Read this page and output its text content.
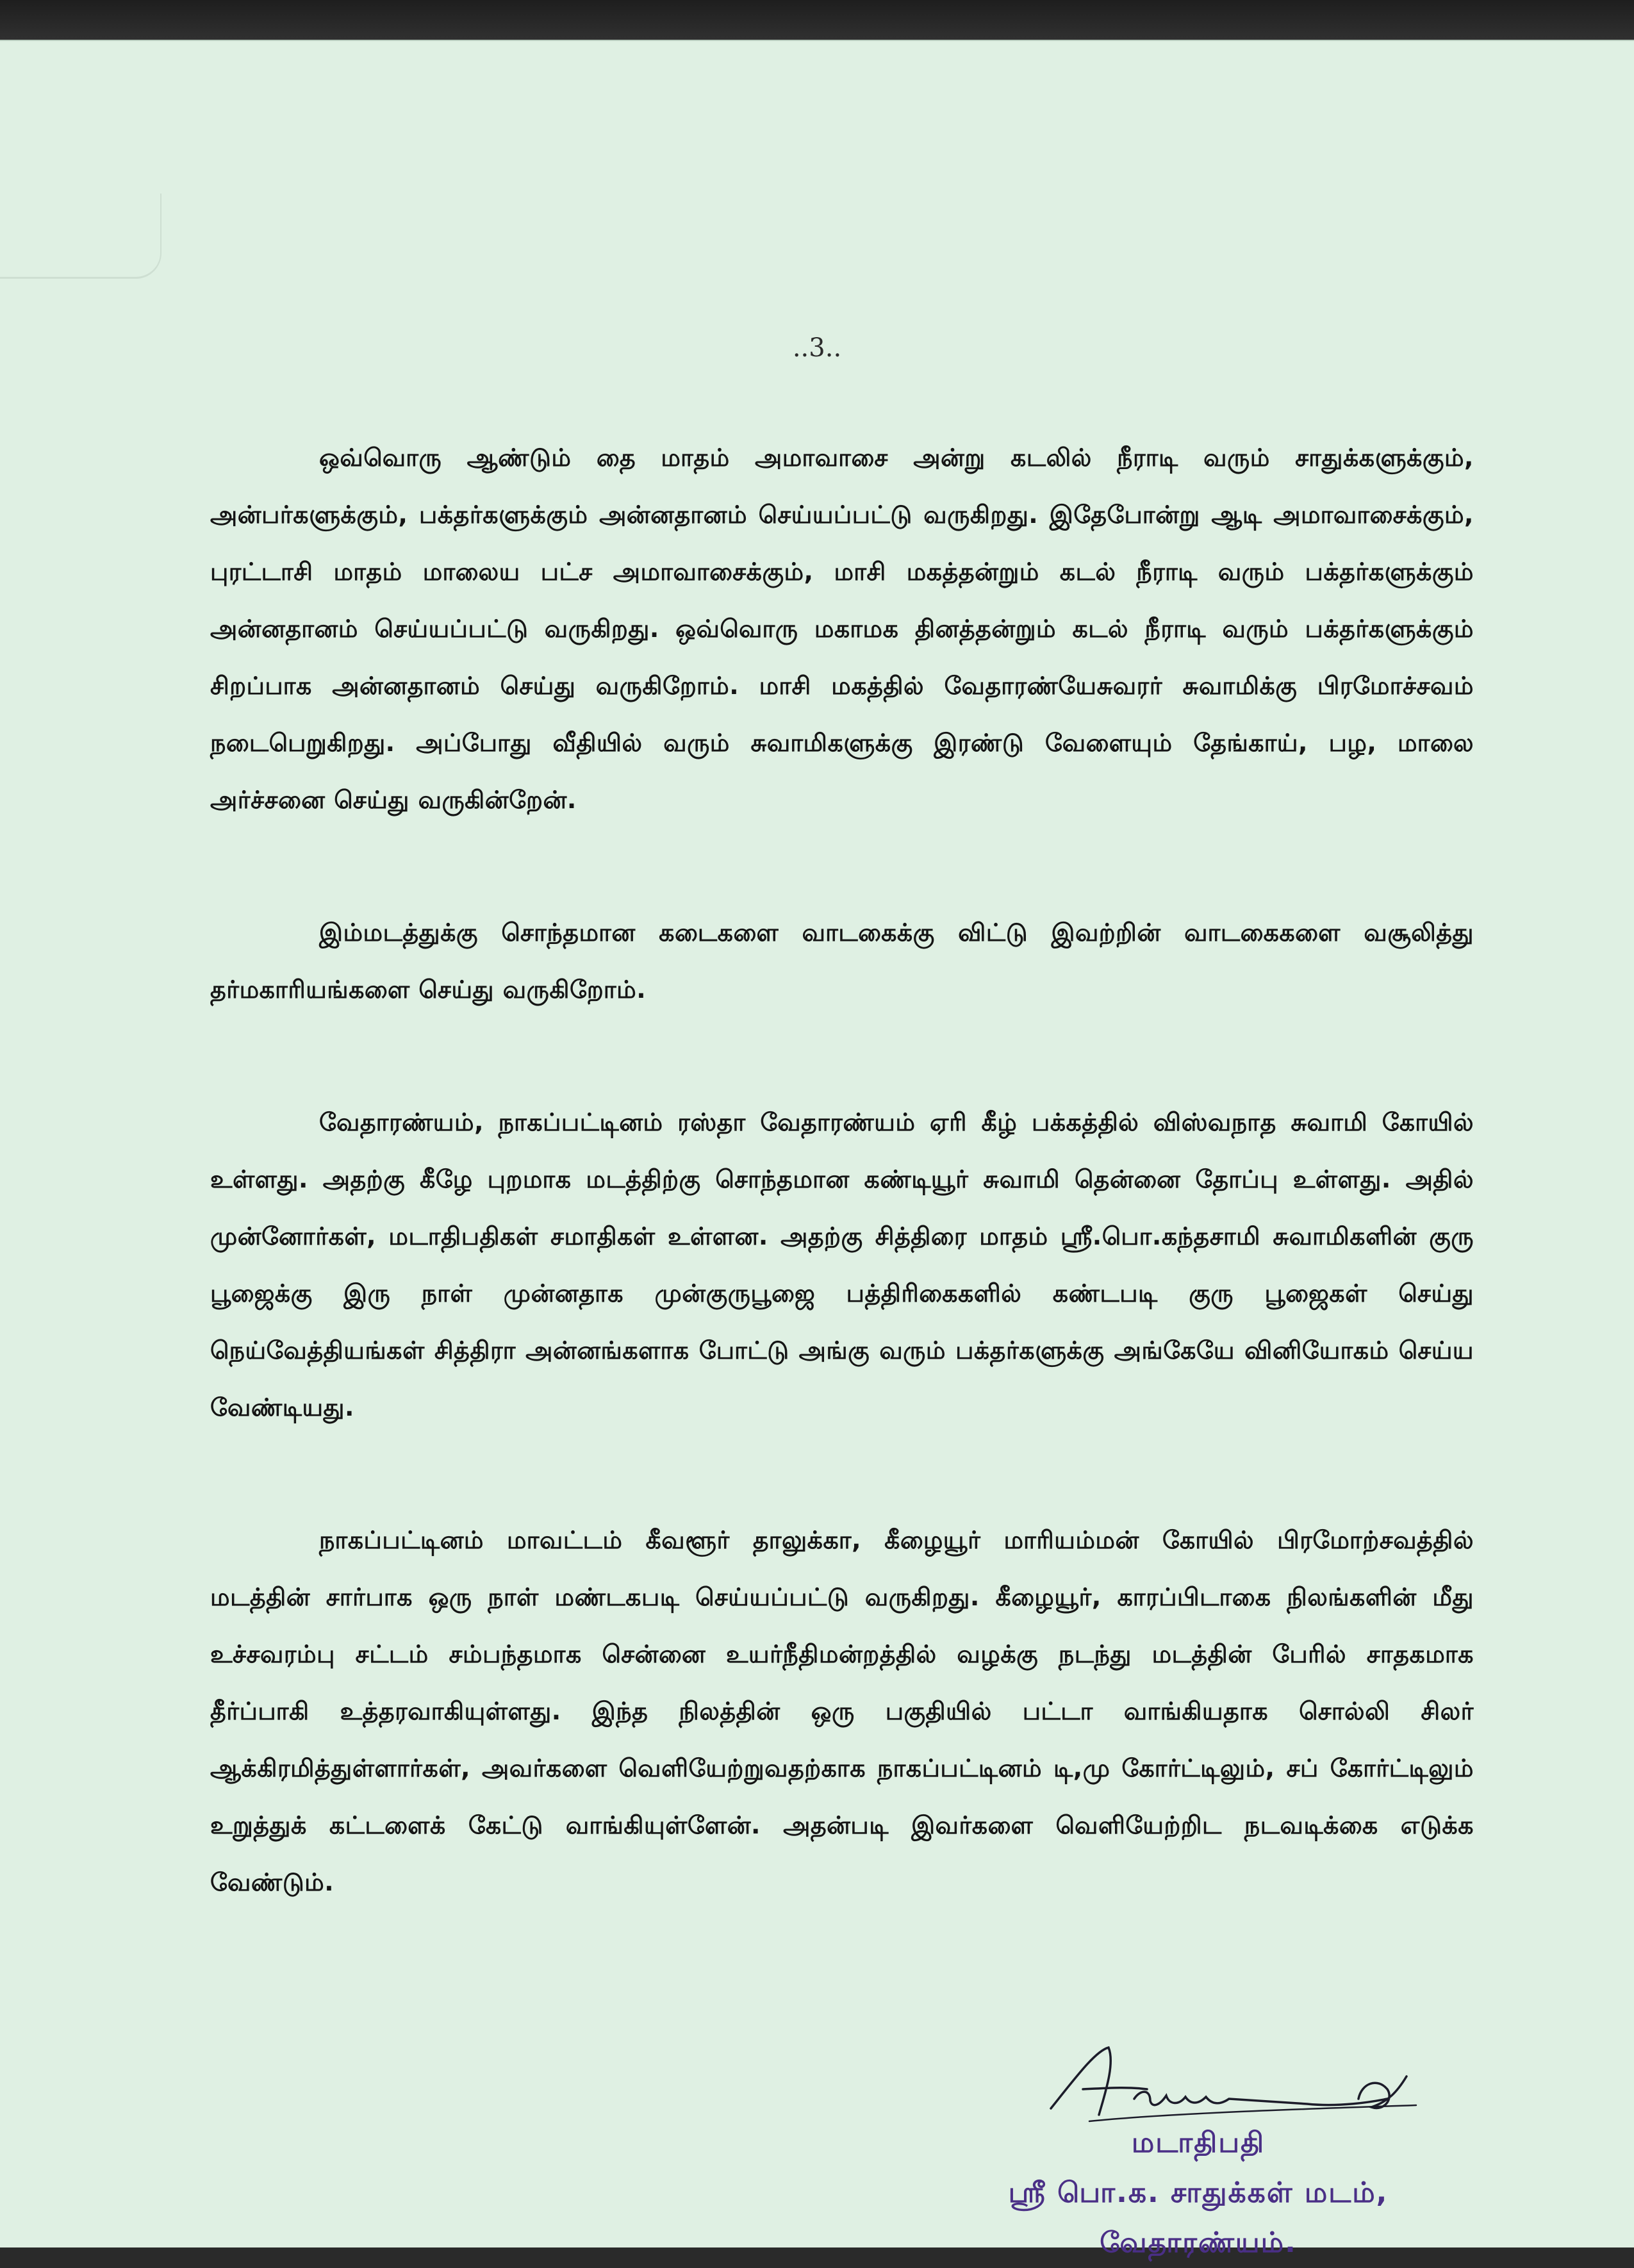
..3..

ஒவ்வொரு ஆண்டும் தை மாதம் அமாவாசை அன்று கடலில் நீராடி வரும் சாதுக்களுக்கும், அன்பர்களுக்கும், பக்தர்களுக்கும் அன்னதானம் செய்யப்பட்டு வருகிறது. இதேபோன்று ஆடி அமாவாசைக்கும், புரட்டாசி மாதம் மாலைய பட்ச அமாவாசைக்கும், மாசி மகத்தன்றும் கடல் நீராடி வரும் பக்தர்களுக்கும் அன்னதானம் செய்யப்பட்டு வருகிறது. ஒவ்வொரு மகாமக தினத்தன்றும் கடல் நீராடி வரும் பக்தர்களுக்கும் சிறப்பாக அன்னதானம் செய்து வருகிறோம். மாசி மகத்தில் வேதாரண்யேசுவரர் சுவாமிக்கு பிரமோச்சவம் நடைபெறுகிறது. அப்போது வீதியில் வரும் சுவாமிகளுக்கு இரண்டு வேளையும் தேங்காய், பழ, மாலை அர்ச்சனை செய்து வருகின்றேன்.

இம்மடத்துக்கு சொந்தமான கடைகளை வாடகைக்கு விட்டு இவற்றின் வாடகைகளை வசூலித்து தர்மகாரியங்களை செய்து வருகிறோம்.

வேதாரண்யம், நாகப்பட்டினம் ரஸ்தா வேதாரண்யம் ஏரி கீழ் பக்கத்தில் விஸ்வநாத சுவாமி கோயில் உள்ளது. அதற்கு கீழே புறமாக மடத்திற்கு சொந்தமான கண்டியூர் சுவாமி தென்னை தோப்பு உள்ளது. அதில் முன்னோர்கள், மடாதிபதிகள் சமாதிகள் உள்ளன. அதற்கு சித்திரை மாதம் ஸ்ரீ.பொ.கந்தசாமி சுவாமிகளின் குரு பூஜைக்கு இரு நாள் முன்னதாக முன்குருபூஜை பத்திரிகைகளில் கண்டபடி குரு பூஜைகள் செய்து நெய்வேத்தியங்கள் சித்திரா அன்னங்களாக போட்டு அங்கு வரும் பக்தர்களுக்கு அங்கேயே வினியோகம் செய்ய வேண்டியது.

நாகப்பட்டினம் மாவட்டம் கீவளூர் தாலுக்கா, கீழையூர் மாரியம்மன் கோயில் பிரமோற்சவத்தில் மடத்தின் சார்பாக ஒரு நாள் மண்டகபடி செய்யப்பட்டு வருகிறது. கீழையூர், காரப்பிடாகை நிலங்களின் மீது உச்சவரம்பு சட்டம் சம்பந்தமாக சென்னை உயர்நீதிமன்றத்தில் வழக்கு நடந்து மடத்தின் பேரில் சாதகமாக தீர்ப்பாகி உத்தரவாகியுள்ளது. இந்த நிலத்தின் ஒரு பகுதியில் பட்டா வாங்கியதாக சொல்லி சிலர் ஆக்கிரமித்துள்ளார்கள், அவர்களை வெளியேற்றுவதற்காக நாகப்பட்டினம் டி,மு கோர்ட்டிலும், சப் கோர்ட்டிலும் உறுத்துக் கட்டளைக் கேட்டு வாங்கியுள்ளேன். அதன்படி இவர்களை வெளியேற்றிட நடவடிக்கை எடுக்க வேண்டும்.

மடாதிபதி
ஸ்ரீ பொ.க. சாதுக்கள் மடம்,
வேதாரண்யம்.
